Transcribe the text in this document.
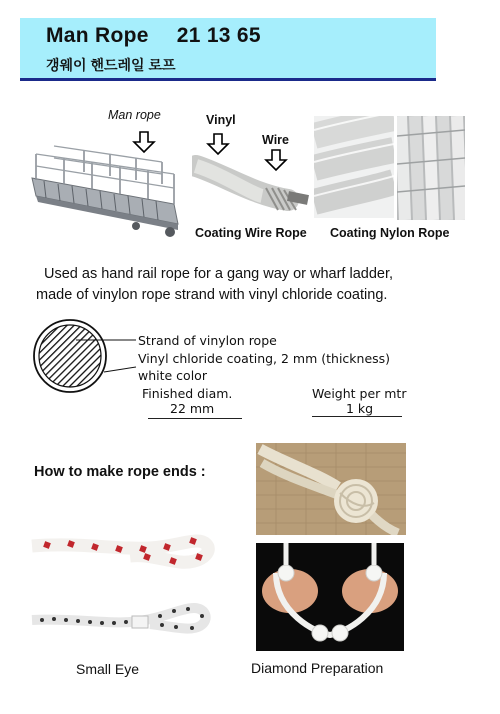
Man Rope 21 13 65
갱웨이 핸드레일 로프
Man rope	Vinyl
Wire
Coating Wire Rope Coating Nylon Rope
Used as hand rail rope for a gang way or wharf ladder,
made of vinylon rope strand with vinyl chloride coating.
Strand of vinylon rope
Vinyl chloride coating, 2 mm (thickness)
white color
Finished diam.
22 mm
Weight per mtr
1 kg
How to make rope ends :
Small Eye	Diamond Preparation
